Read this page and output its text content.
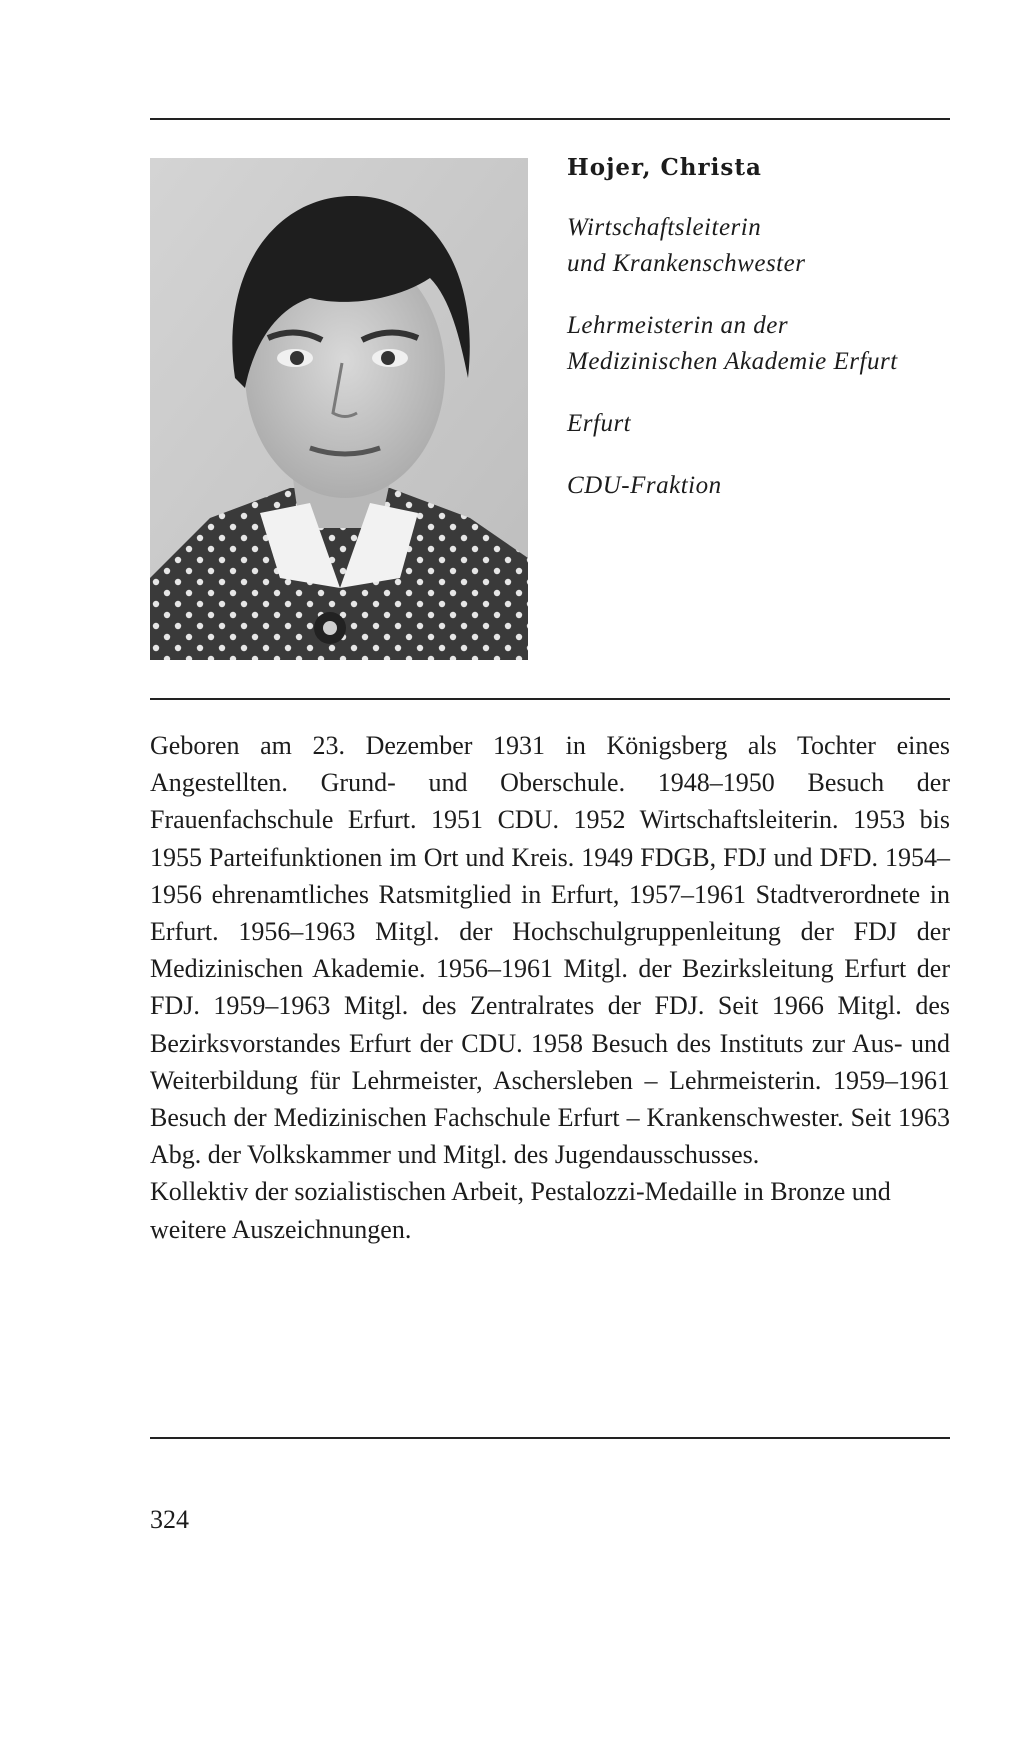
Hojer, Christa
Wirtschaftsleiterin
und Krankenschwester
Lehrmeisterin an der
Medizinischen Akademie Erfurt
Erfurt
CDU-Fraktion

Geboren am 23. Dezember 1931 in Königsberg als Tochter eines Angestellten. Grund- und Oberschule. 1948–1950 Besuch der Frauenfachschule Erfurt. 1951 CDU. 1952 Wirtschaftsleiterin. 1953 bis 1955 Parteifunktionen im Ort und Kreis. 1949 FDGB, FDJ und DFD. 1954–1956 ehrenamtliches Ratsmitglied in Erfurt, 1957–1961 Stadtverordnete in Erfurt. 1956–1963 Mitgl. der Hochschulgruppenleitung der FDJ der Medizinischen Akademie. 1956–1961 Mitgl. der Bezirksleitung Erfurt der FDJ. 1959–1963 Mitgl. des Zentralrates der FDJ. Seit 1966 Mitgl. des Bezirksvorstandes Erfurt der CDU. 1958 Besuch des Instituts zur Aus- und Weiterbildung für Lehrmeister, Aschersleben – Lehrmeisterin. 1959–1961 Besuch der Medizinischen Fachschule Erfurt – Krankenschwester. Seit 1963 Abg. der Volkskammer und Mitgl. des Jugendausschusses.

Kollektiv der sozialistischen Arbeit, Pestalozzi-Medaille in Bronze und weitere Auszeichnungen.

324
